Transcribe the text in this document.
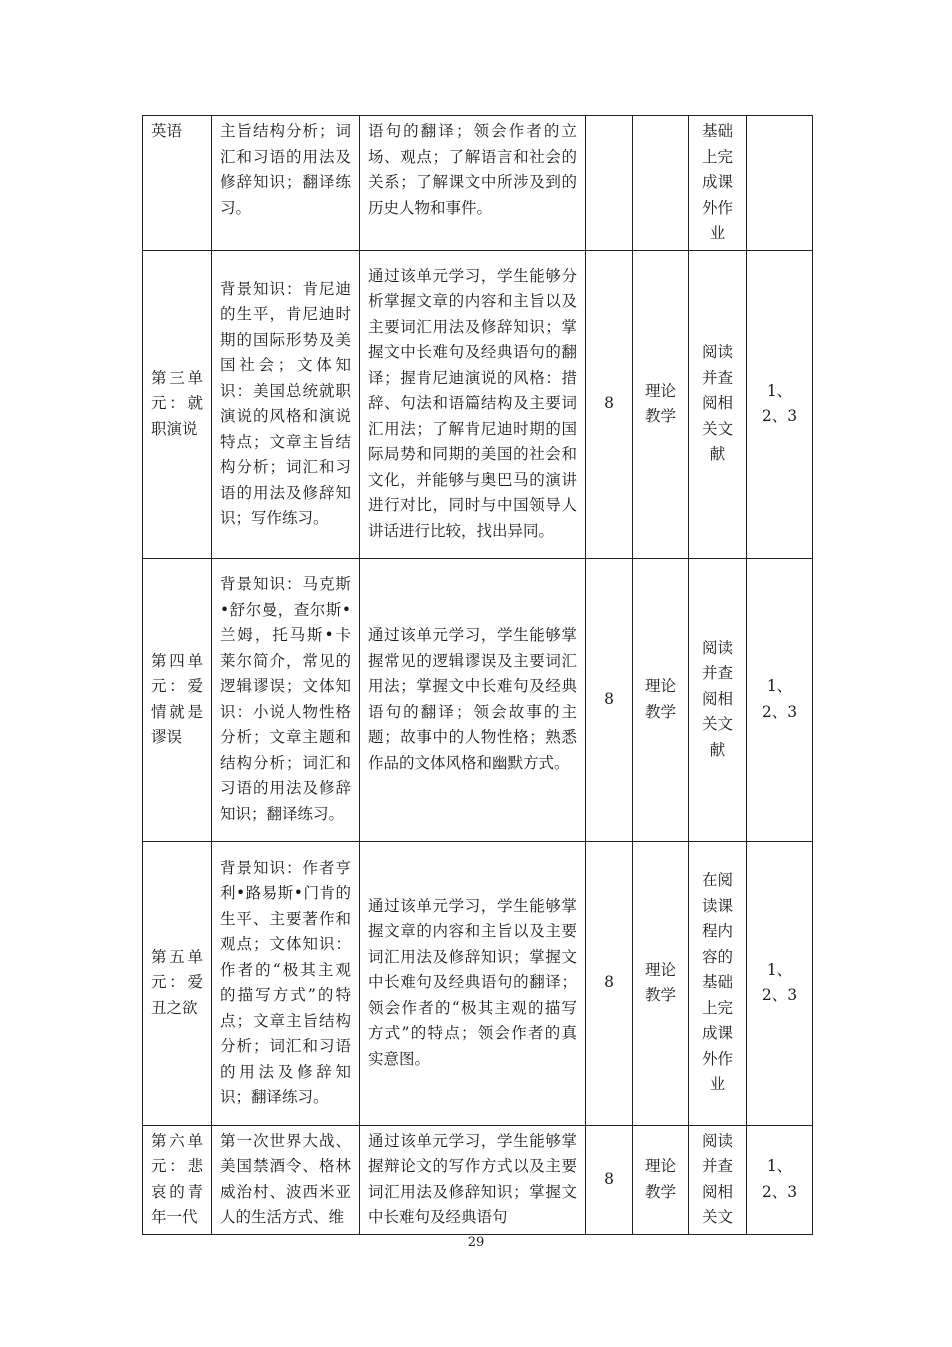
英语	主旨结构分析；词汇和习语的用法及修辞知识；翻译练习。	语句的翻译；领会作者的立场、观点；了解语言和社会的关系；了解课文中所涉及到的历史人物和事件。			基础上完成课外作业	
第三单元：就职演说	背景知识：肯尼迪的生平，肯尼迪时期的国际形势及美国社会；文体知识：美国总统就职演说的风格和演说特点；文章主旨结构分析；词汇和习语的用法及修辞知识；写作练习。	通过该单元学习，学生能够分析掌握文章的内容和主旨以及主要词汇用法及修辞知识；掌握文中长难句及经典语句的翻译；握肯尼迪演说的风格：措辞、句法和语篇结构及主要词汇用法；了解肯尼迪时期的国际局势和同期的美国的社会和文化，并能够与奥巴马的演讲进行对比，同时与中国领导人讲话进行比较，找出异同。	8	理论教学	阅读并查阅相关文献	1、2、3
第四单元：爱情就是谬误	背景知识：马克斯•舒尔曼，查尔斯•兰姆，托马斯•卡莱尔简介，常见的逻辑谬误；文体知识：小说人物性格分析；文章主题和结构分析；词汇和习语的用法及修辞知识；翻译练习。	通过该单元学习，学生能够掌握常见的逻辑谬误及主要词汇用法；掌握文中长难句及经典语句的翻译；领会故事的主题；故事中的人物性格；熟悉作品的文体风格和幽默方式。	8	理论教学	阅读并查阅相关文献	1、2、3
第五单元：爱丑之欲	背景知识：作者亨利•路易斯•门肯的生平、主要著作和观点；文体知识：作者的“极其主观的描写方式”的特点；文章主旨结构分析；词汇和习语的用法及修辞知识；翻译练习。	通过该单元学习，学生能够掌握文章的内容和主旨以及主要词汇用法及修辞知识；掌握文中长难句及经典语句的翻译；领会作者的“极其主观的描写方式”的特点；领会作者的真实意图。	8	理论教学	在阅读课程内容的基础上完成课外作业	1、2、3
第六单元：悲哀的青年一代	第一次世界大战、美国禁酒令、格林威治村、波西米亚人的生活方式、维	通过该单元学习，学生能够掌握辩论文的写作方式以及主要词汇用法及修辞知识；掌握文中长难句及经典语句	8	理论教学	阅读并查阅相关文	1、2、3
29
